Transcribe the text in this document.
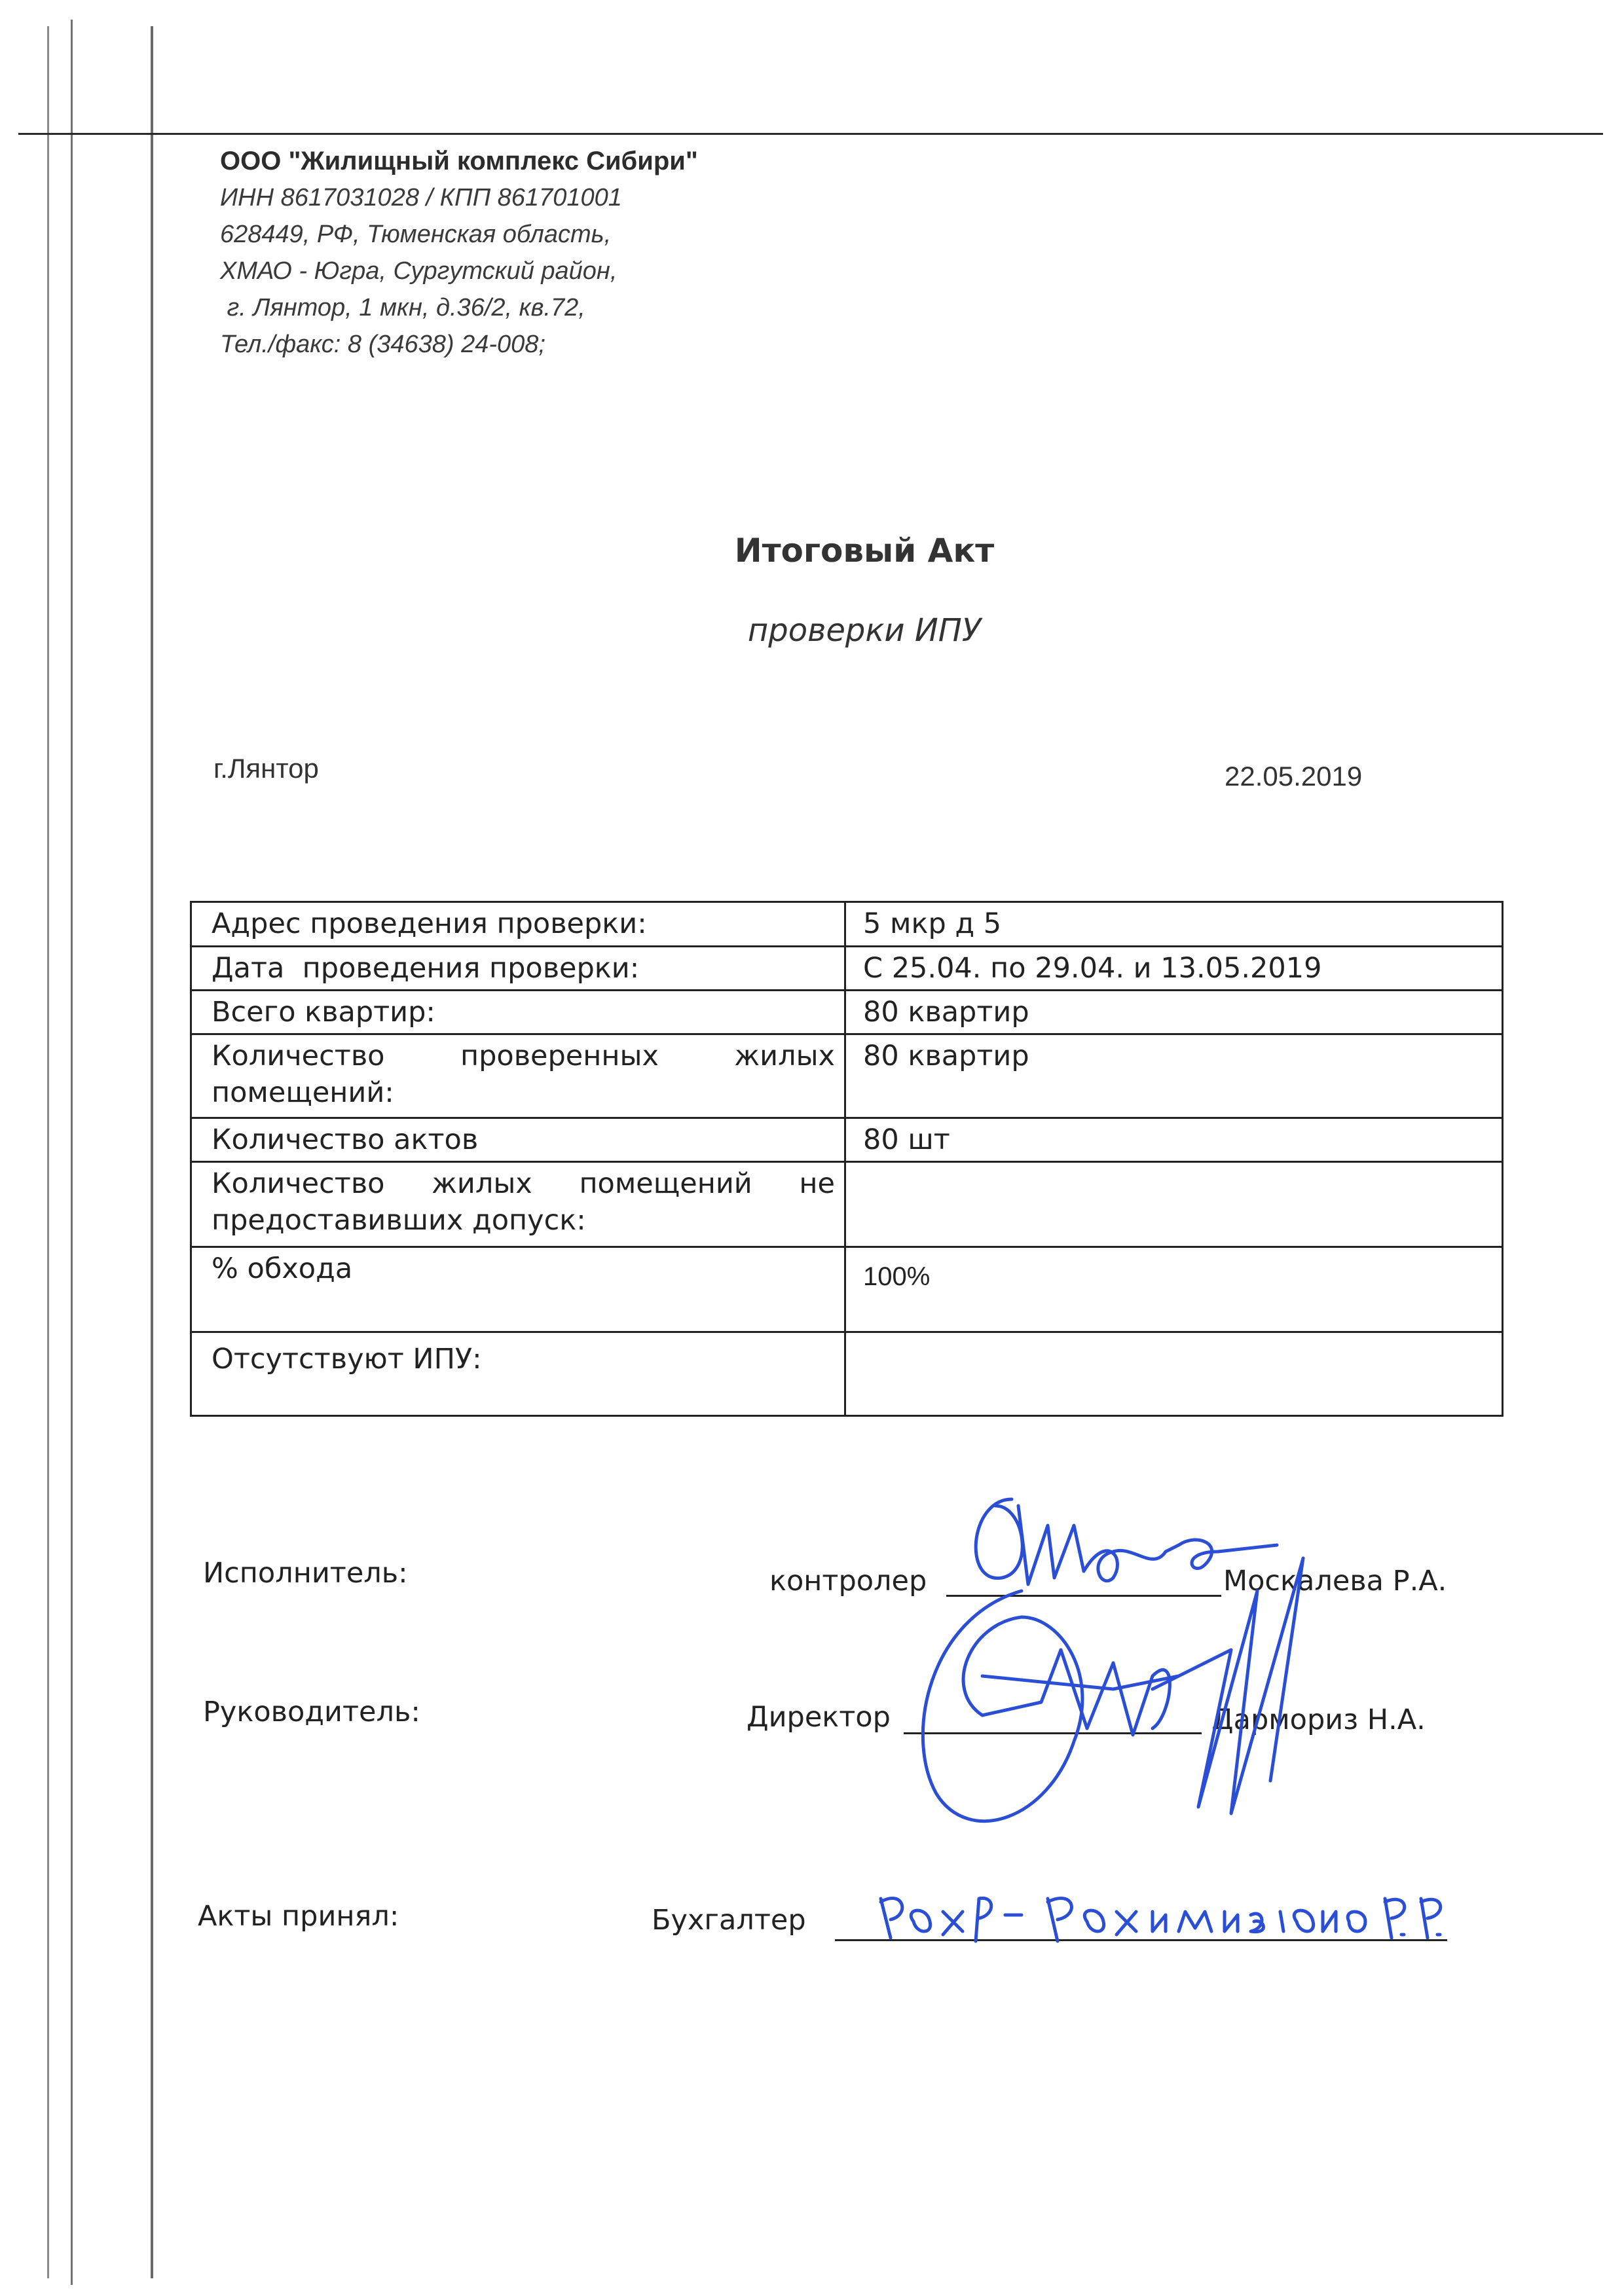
ООО "Жилищный комплекс Сибири"
ИНН 8617031028 / КПП 861701001
628449, РФ, Тюменская область,
ХМАО - Югра, Сургутский район,
г. Лянтор, 1 мкн, д.36/2, кв.72,
Тел./факс: 8 (34638) 24-008;
Итоговый Акт
проверки ИПУ
г.Лянтор	22.05.2019
Адрес проведения проверки:	5 мкр д 5
Дата  проведения проверки:	С 25.04. по 29.04. и 13.05.2019
Всего квартир:	80 квартир
Количество проверенных жилых помещений:	80 квартир
Количество актов	80 шт
Количество жилых помещений не предоставивших допуск:	
% обхода	100%
Отсутствуют ИПУ:	
Исполнитель:	контролер	Москалева Р.А.
Руководитель:	Директор	Дармориз Н.А.
Акты принял:	Бухгалтер
